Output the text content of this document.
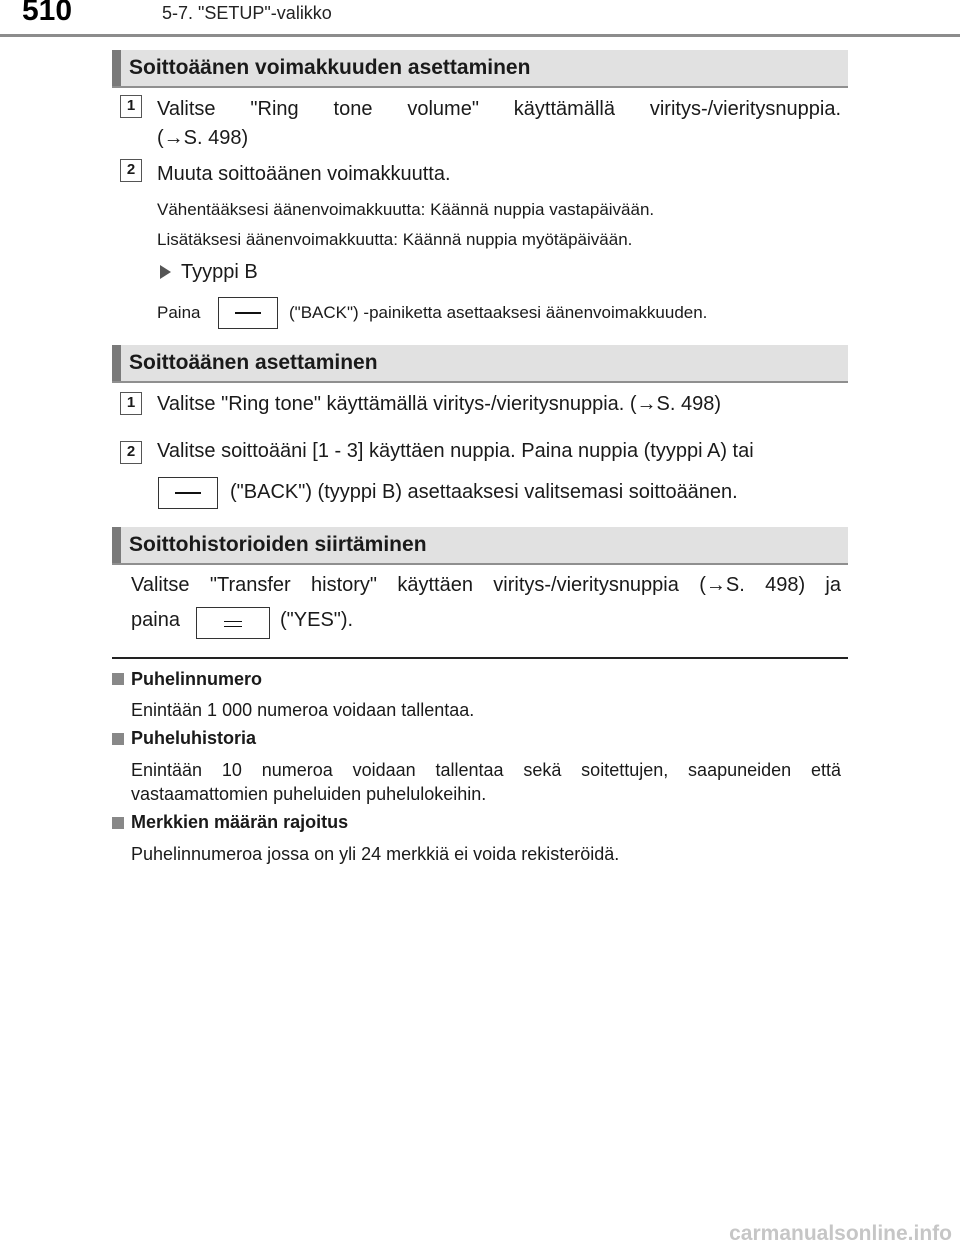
510	5-7. "SETUP"-valikko
Soittoäänen voimakkuuden asettaminen
1 Valitse "Ring tone volume" käyttämällä viritys-/vieritysnuppia.
(→S. 498)
2 Muuta soittoäänen voimakkuutta.
Vähentääksesi äänenvoimakkuutta: Käännä nuppia vastapäivään.
Lisätäksesi äänenvoimakkuutta: Käännä nuppia myötäpäivään.
Tyyppi B
Paina	("BACK") -painiketta asettaaksesi äänenvoimakkuuden.
Soittoäänen asettaminen
1 Valitse "Ring tone" käyttämällä viritys-/vieritysnuppia. (→S. 498)
2 Valitse soittoääni [1 - 3] käyttäen nuppia. Paina nuppia (tyyppi A) tai
("BACK") (tyyppi B) asettaaksesi valitsemasi soittoäänen.
Soittohistorioiden siirtäminen
Valitse "Transfer history" käyttäen viritys-/vieritysnuppia (→S. 498) ja
paina	("YES").
Puhelinnumero
Enintään 1 000 numeroa voidaan tallentaa.
Puheluhistoria
Enintään 10 numeroa voidaan tallentaa sekä soitettujen, saapuneiden että
vastaamattomien puheluiden puhelulokeihin.
Merkkien määrän rajoitus
Puhelinnumeroa jossa on yli 24 merkkiä ei voida rekisteröidä.
carmanualsonline.info
